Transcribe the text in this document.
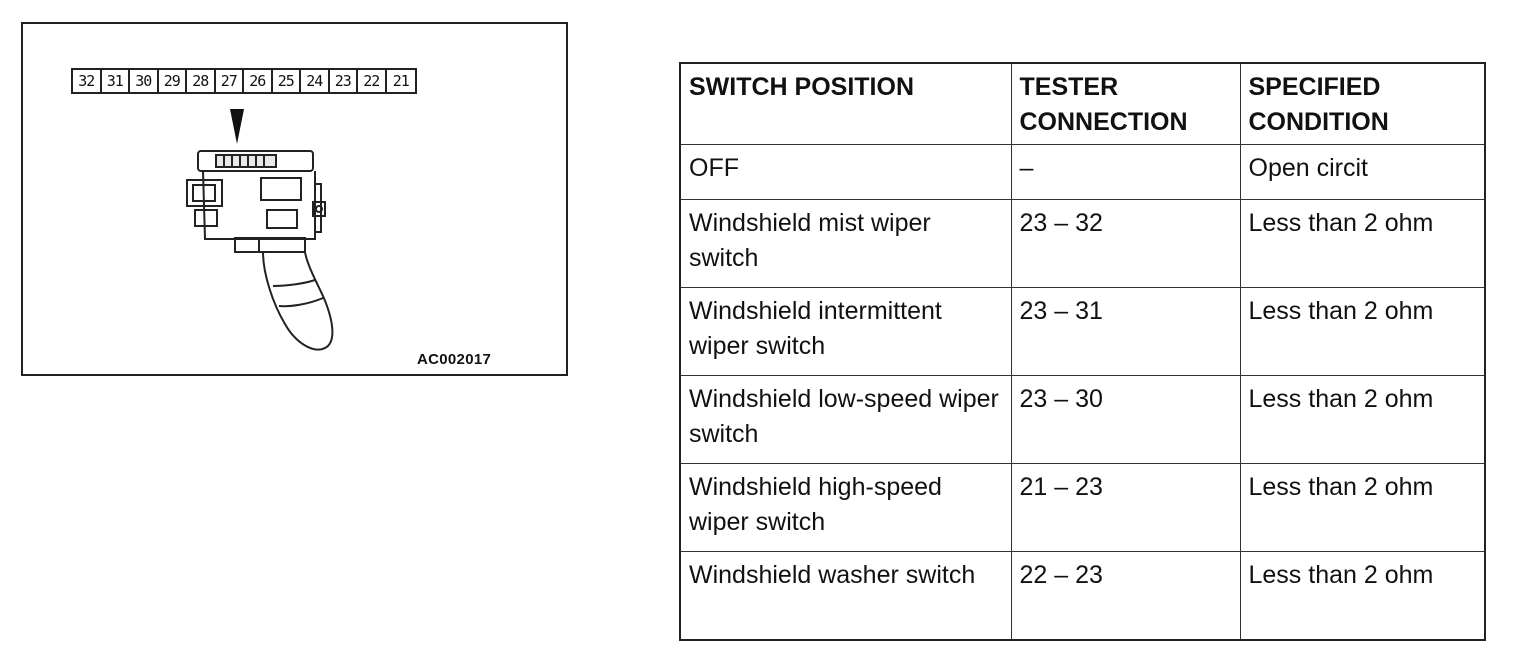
32 31 30 29 28 27 26 25 24 23 22 21
AC002017
SWITCH POSITION	TESTER CONNECTION	SPECIFIED CONDITION
OFF	–	Open circit
Windshield mist wiper switch	23 – 32	Less than 2 ohm
Windshield intermittent wiper switch	23 – 31	Less than 2 ohm
Windshield low-speed wiper switch	23 – 30	Less than 2 ohm
Windshield high-speed wiper switch	21 – 23	Less than 2 ohm
Windshield washer switch	22 – 23	Less than 2 ohm
